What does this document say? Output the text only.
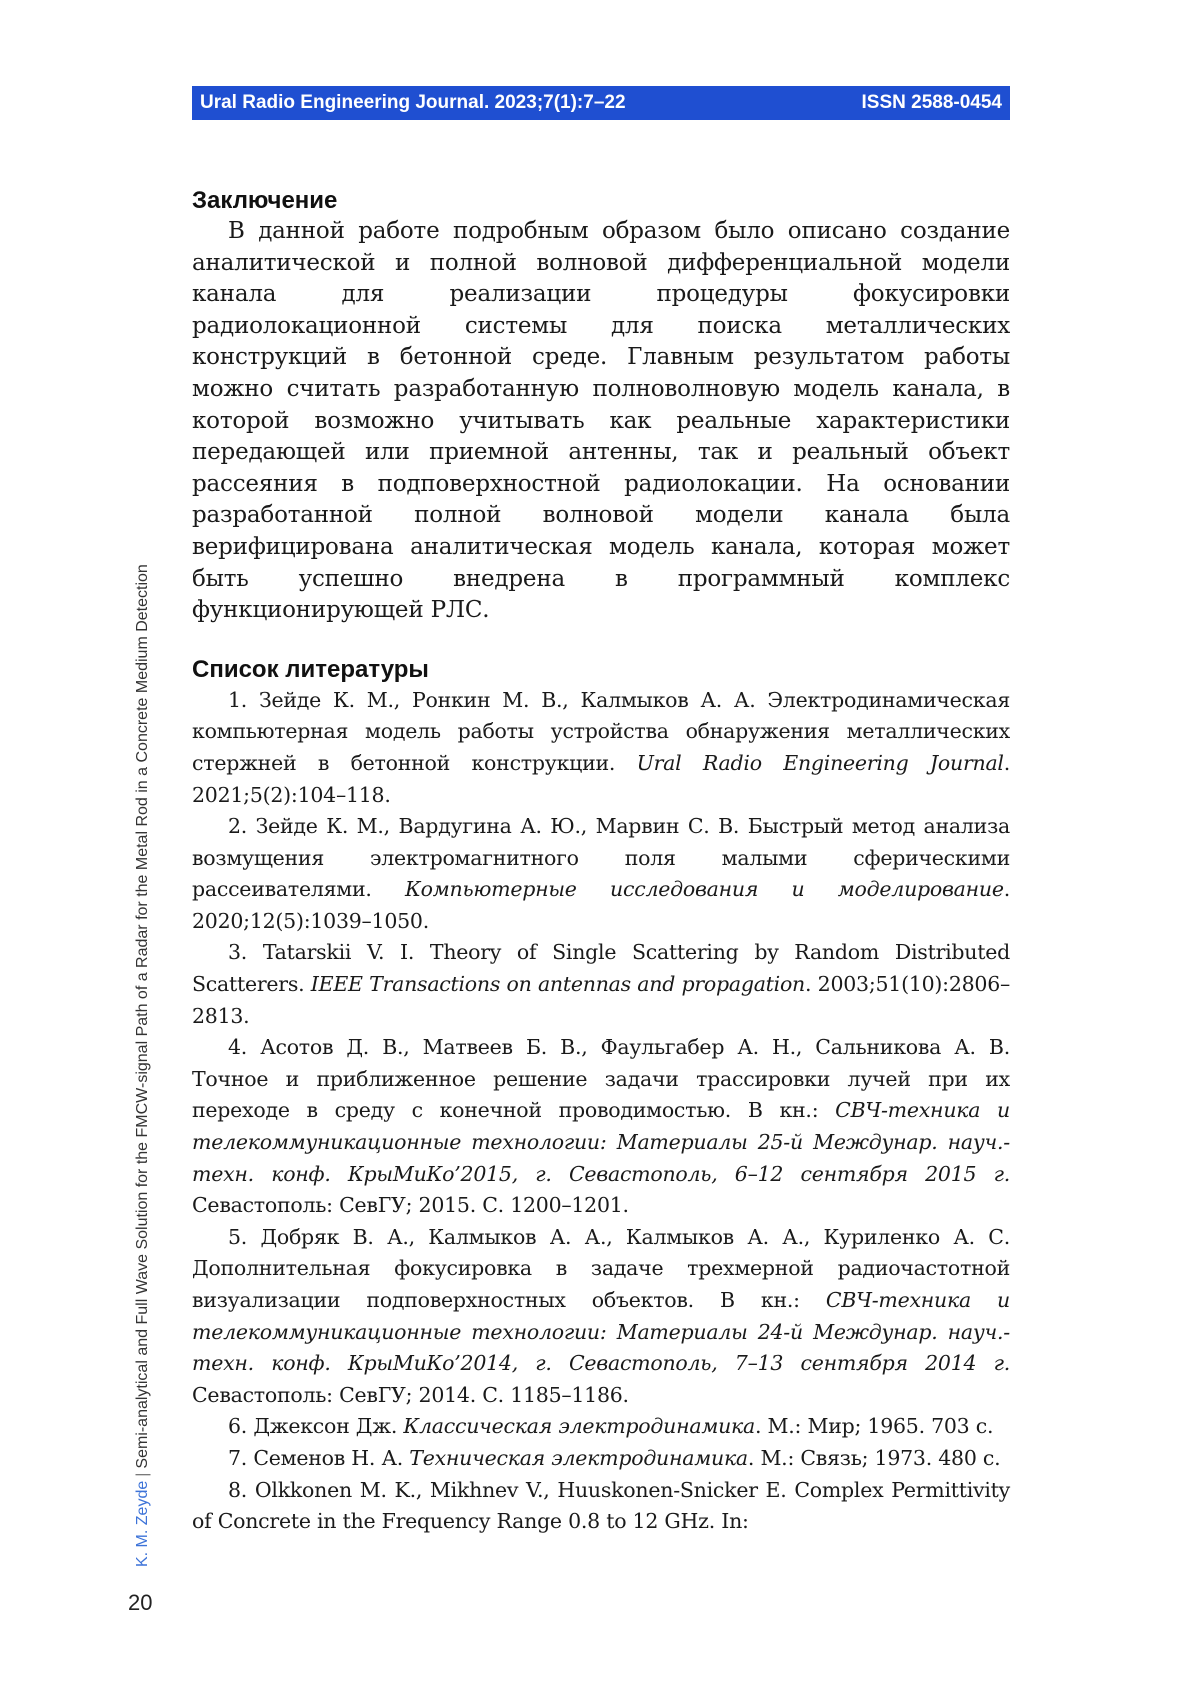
Ural Radio Engineering Journal. 2023;7(1):7–22	ISSN 2588-0454
Заключение

В данной работе подробным образом было описано создание аналитической и полной волновой дифференциальной модели канала для реализации процедуры фокусировки радиолокационной системы для поиска металлических конструкций в бетонной среде. Главным результатом работы можно считать разработанную полноволновую модель канала, в которой возможно учитывать как реальные характеристики передающей или приемной антенны, так и реальный объект рассеяния в подповерхностной радиолокации. На основании разработанной полной волновой модели канала была верифицирована аналитическая модель канала, которая может быть успешно внедрена в программный комплекс функционирующей РЛС.

Список литературы
1. Зейде К. М., Ронкин М. В., Калмыков А. А. Электродинамическая компьютерная модель работы устройства обнаружения металлических стержней в бетонной конструкции. Ural Radio Engineering Journal. 2021;5(2):104–118.
2. Зейде К. М., Вардугина А. Ю., Марвин С. В. Быстрый метод анализа возмущения электромагнитного поля малыми сферическими рассеивателями. Компьютерные исследования и моделирование. 2020;12(5):1039–1050.
3. Tatarskii V. I. Theory of Single Scattering by Random Distributed Scatterers. IEEE Transactions on antennas and propagation. 2003;51(10):2806–2813.
4. Асотов Д. В., Матвеев Б. В., Фаульгабер А. Н., Сальникова А. В. Точное и приближенное решение задачи трассировки лучей при их переходе в среду с конечной проводимостью. В кн.: СВЧ-техника и телекоммуникационные технологии: Материалы 25-й Междунар. науч.-техн. конф. КрыМиКо’2015, г. Севастополь, 6–12 сентября 2015 г. Севастополь: СевГУ; 2015. С. 1200–1201.
5. Добряк В. А., Калмыков А. А., Калмыков А. А., Куриленко А. С. Дополнительная фокусировка в задаче трехмерной радиочастотной визуализации подповерхностных объектов. В кн.: СВЧ-техника и телекоммуникационные технологии: Материалы 24-й Междунар. науч.-техн. конф. КрыМиКо’2014, г. Севастополь, 7–13 сентября 2014 г. Севастополь: СевГУ; 2014. С. 1185–1186.
6. Джексон Дж. Классическая электродинамика. М.: Мир; 1965. 703 с.
7. Семенов Н. А. Техническая электродинамика. М.: Связь; 1973. 480 с.
8. Olkkonen M. K., Mikhnev V., Huuskonen-Snicker E. Complex Permittivity of Concrete in the Frequency Range 0.8 to 12 GHz. In:
K. M. Zeyde|Semi-analytical and Full Wave Solution for the FMCW-signal Path of a Radar for the Metal Rod in a Concrete Medium Detection
20
